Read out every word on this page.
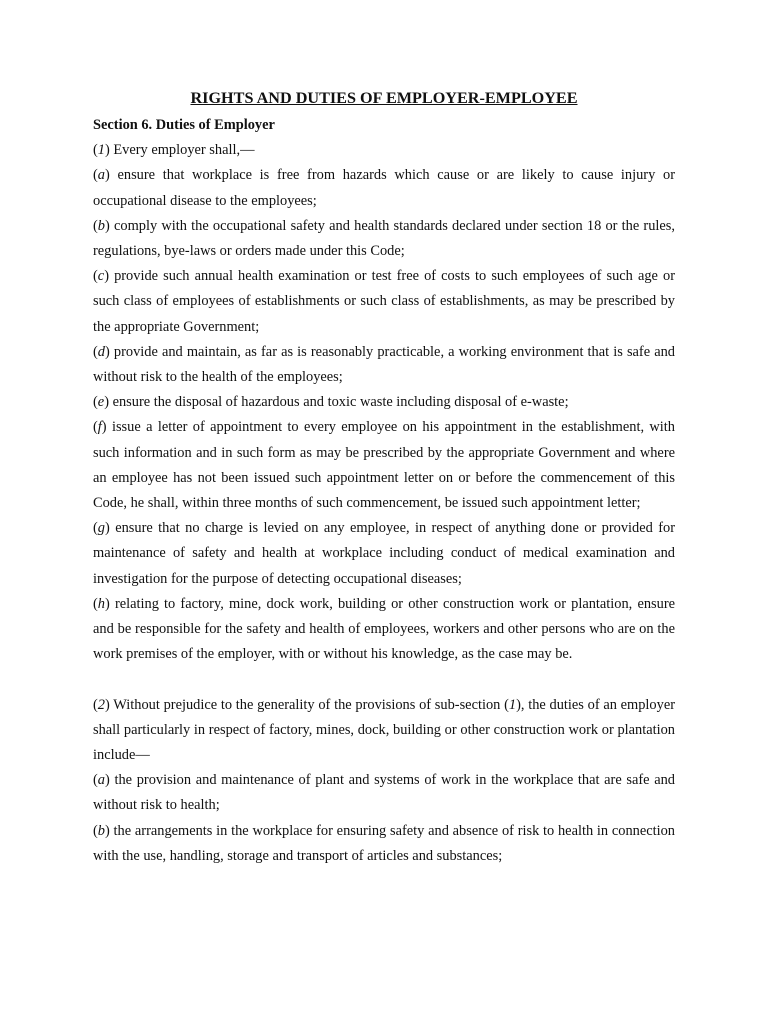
RIGHTS AND DUTIES OF EMPLOYER-EMPLOYEE
Section 6. Duties of Employer

(1) Every employer shall,—

(a) ensure that workplace is free from hazards which cause or are likely to cause injury or occupational disease to the employees;

(b) comply with the occupational safety and health standards declared under section 18 or the rules, regulations, bye-laws or orders made under this Code;

(c) provide such annual health examination or test free of costs to such employees of such age or such class of employees of establishments or such class of establishments, as may be prescribed by the appropriate Government;

(d) provide and maintain, as far as is reasonably practicable, a working environment that is safe and without risk to the health of the employees;

(e) ensure the disposal of hazardous and toxic waste including disposal of e-waste;

(f) issue a letter of appointment to every employee on his appointment in the establishment, with such information and in such form as may be prescribed by the appropriate Government and where an employee has not been issued such appointment letter on or before the commencement of this Code, he shall, within three months of such commencement, be issued such appointment letter;

(g) ensure that no charge is levied on any employee, in respect of anything done or provided for maintenance of safety and health at workplace including conduct of medical examination and investigation for the purpose of detecting occupational diseases;

(h) relating to factory, mine, dock work, building or other construction work or plantation, ensure and be responsible for the safety and health of employees, workers and other persons who are on the work premises of the employer, with or without his knowledge, as the case may be.

(2) Without prejudice to the generality of the provisions of sub-section (1), the duties of an employer shall particularly in respect of factory, mines, dock, building or other construction work or plantation include—

(a) the provision and maintenance of plant and systems of work in the workplace that are safe and without risk to health;

(b) the arrangements in the workplace for ensuring safety and absence of risk to health in connection with the use, handling, storage and transport of articles and substances;
